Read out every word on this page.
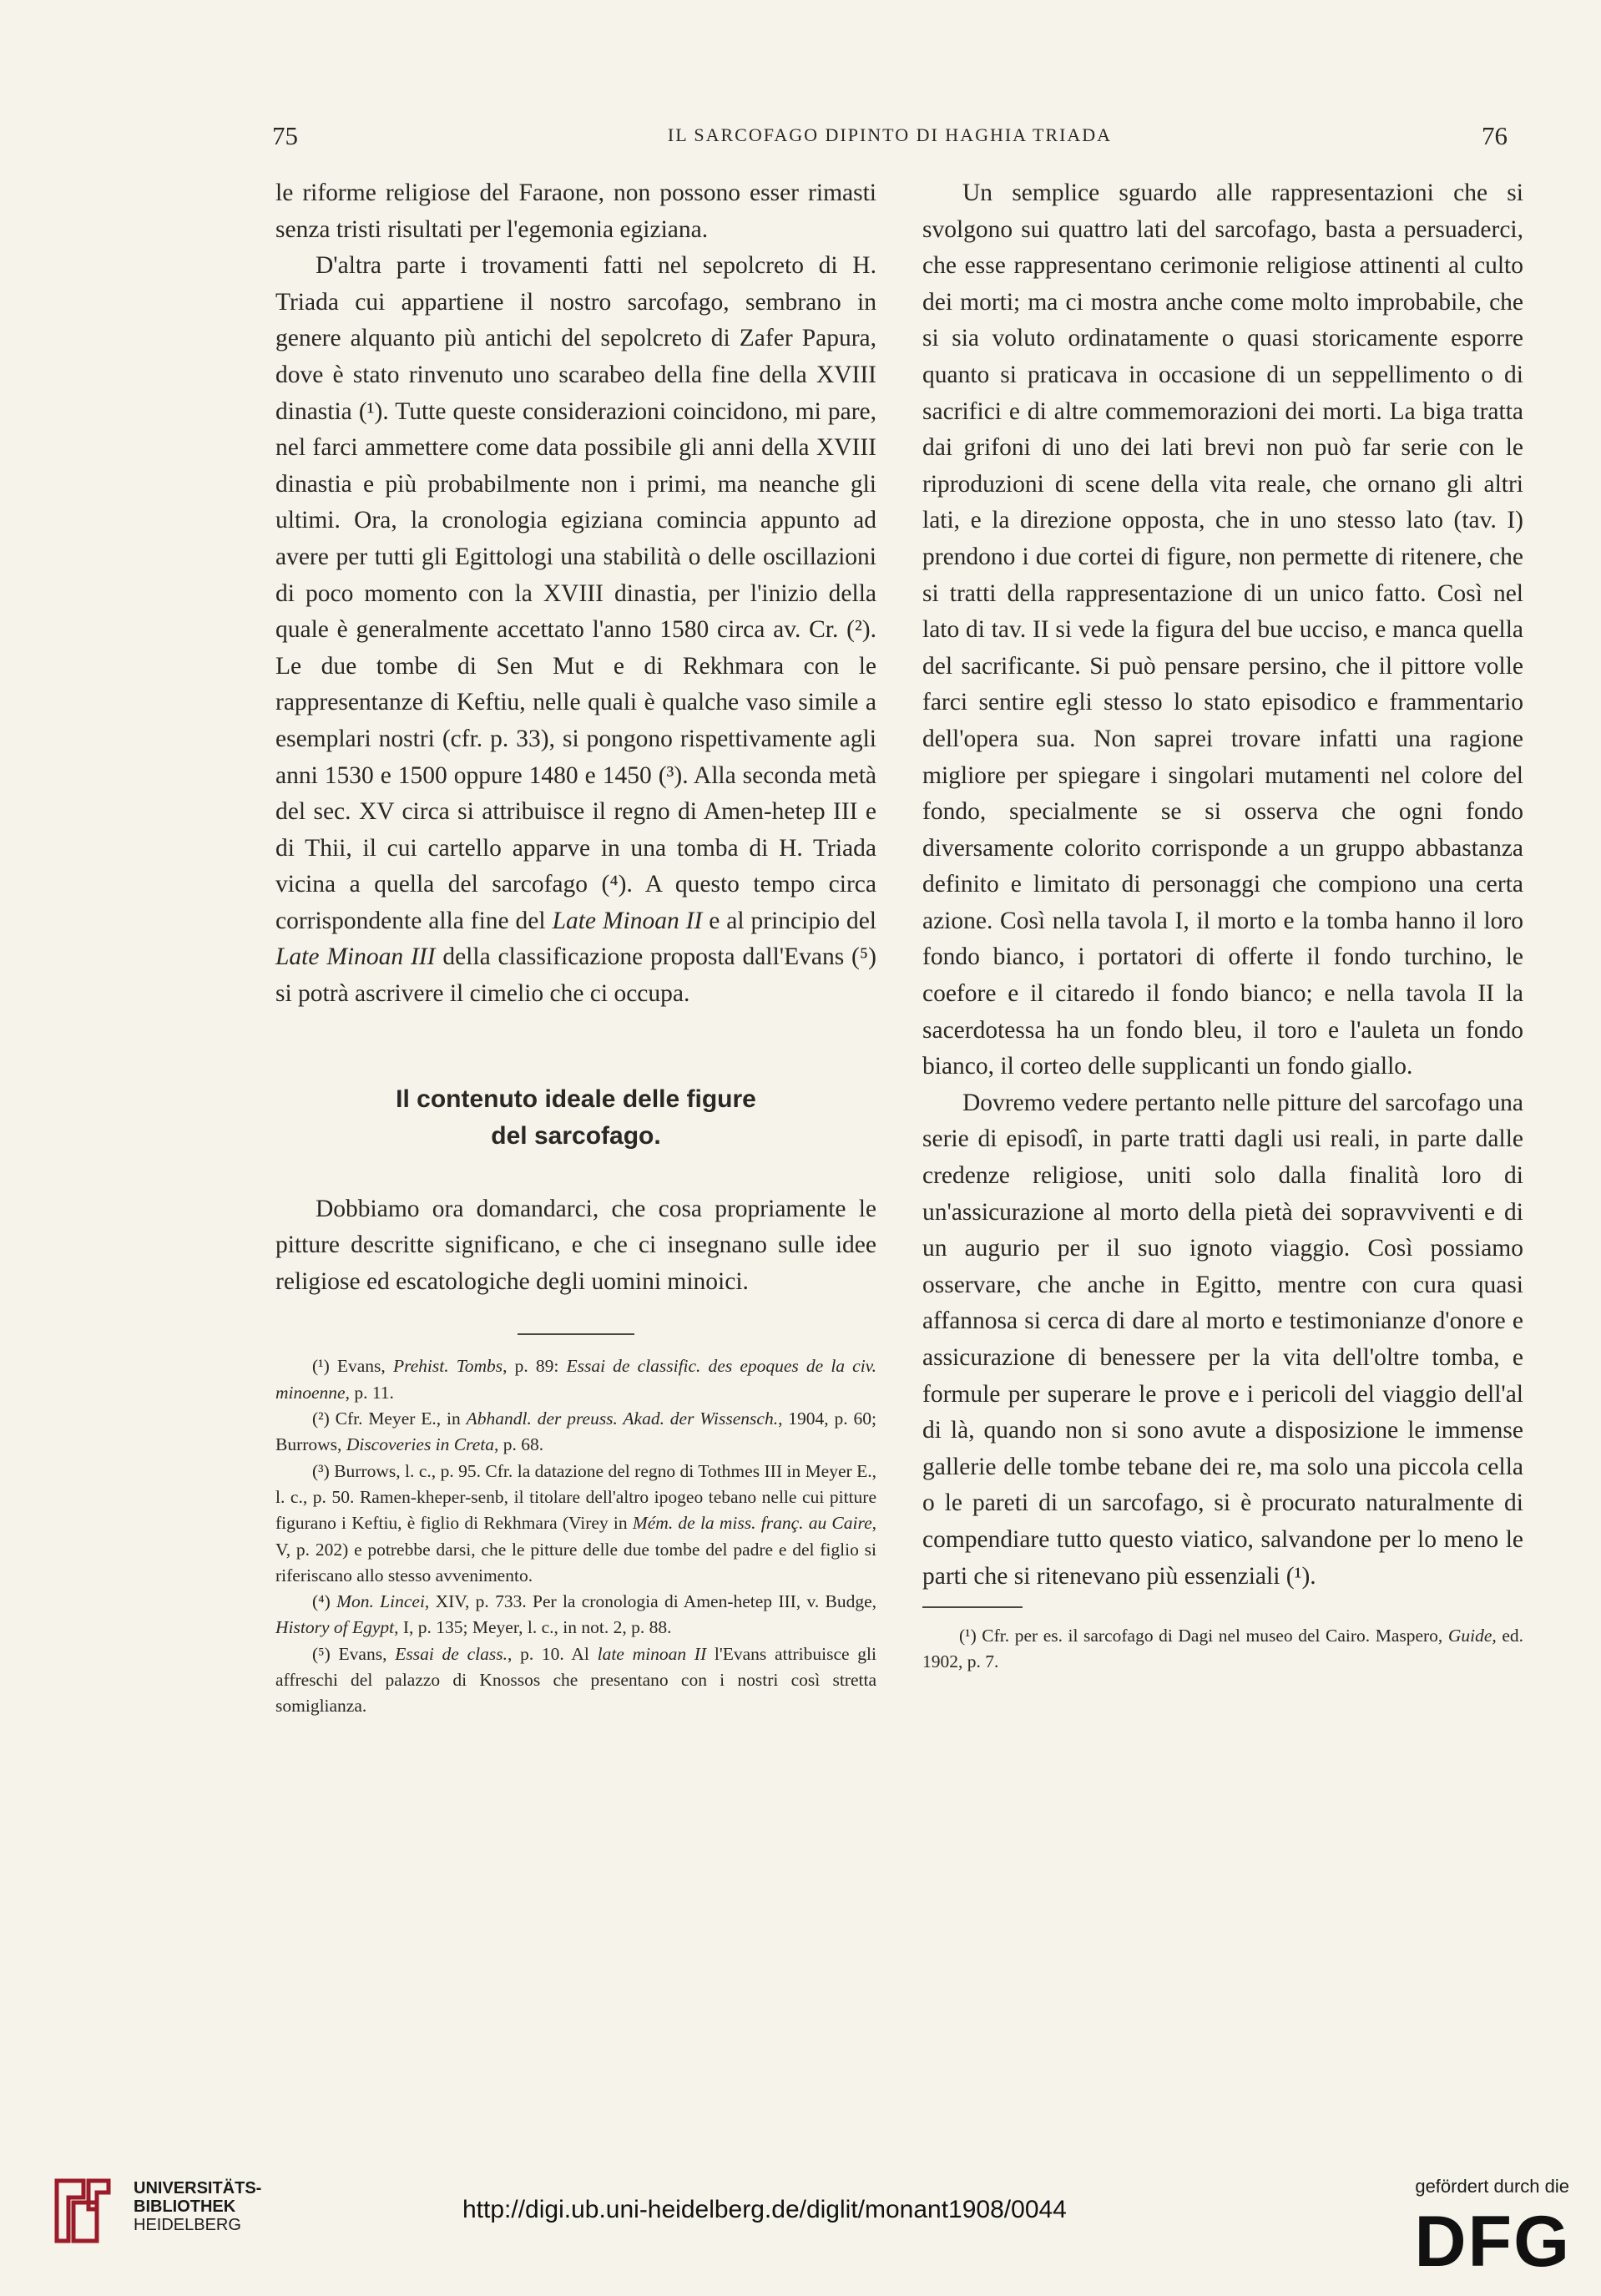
75	IL SARCOFAGO DIPINTO DI HAGHIA TRIADA	76

le riforme religiose del Faraone, non possono esser rimasti senza tristi risultati per l'egemonia egiziana.

D'altra parte i trovamenti fatti nel sepolcreto di H. Triada cui appartiene il nostro sarcofago, sembrano in genere alquanto più antichi del sepolcreto di Zafer Papura, dove è stato rinvenuto uno scarabeo della fine della XVIII dinastia (¹). Tutte queste considerazioni coincidono, mi pare, nel farci ammettere come data possibile gli anni della XVIII dinastia e più probabilmente non i primi, ma neanche gli ultimi. Ora, la cronologia egiziana comincia appunto ad avere per tutti gli Egittologi una stabilità o delle oscillazioni di poco momento con la XVIII dinastia, per l'inizio della quale è generalmente accettato l'anno 1580 circa av. Cr. (²). Le due tombe di Sen Mut e di Rekhmara con le rappresentanze di Keftiu, nelle quali è qualche vaso simile a esemplari nostri (cfr. p. 33), si pongono rispettivamente agli anni 1530 e 1500 oppure 1480 e 1450 (³). Alla seconda metà del sec. XV circa si attribuisce il regno di Amen-hetep III e di Thii, il cui cartello apparve in una tomba di H. Triada vicina a quella del sarcofago (⁴). A questo tempo circa corrispondente alla fine del Late Minoan II e al principio del Late Minoan III della classificazione proposta dall'Evans (⁵) si potrà ascrivere il cimelio che ci occupa.

Il contenuto ideale delle figure
del sarcofago.

Dobbiamo ora domandarci, che cosa propriamente le pitture descritte significano, e che ci insegnano sulle idee religiose ed escatologiche degli uomini minoici.

(¹) Evans, Prehist. Tombs, p. 89: Essai de classific. des epoques de la civ. minoenne, p. 11.

(²) Cfr. Meyer E., in Abhandl. der preuss. Akad. der Wissensch., 1904, p. 60; Burrows, Discoveries in Creta, p. 68.

(³) Burrows, l. c., p. 95. Cfr. la datazione del regno di Tothmes III in Meyer E., l. c., p. 50. Ramen-kheper-senb, il titolare dell'altro ipogeo tebano nelle cui pitture figurano i Keftiu, è figlio di Rekhmara (Virey in Mém. de la miss. franç. au Caire, V, p. 202) e potrebbe darsi, che le pitture delle due tombe del padre e del figlio si riferiscano allo stesso avvenimento.

(⁴) Mon. Lincei, XIV, p. 733. Per la cronologia di Amen-hetep III, v. Budge, History of Egypt, I, p. 135; Meyer, l. c., in not. 2, p. 88.

(⁵) Evans, Essai de class., p. 10. Al late minoan II l'Evans attribuisce gli affreschi del palazzo di Knossos che presentano con i nostri così stretta somiglianza.

Un semplice sguardo alle rappresentazioni che si svolgono sui quattro lati del sarcofago, basta a persuaderci, che esse rappresentano cerimonie religiose attinenti al culto dei morti; ma ci mostra anche come molto improbabile, che si sia voluto ordinatamente o quasi storicamente esporre quanto si praticava in occasione di un seppellimento o di sacrifici e di altre commemorazioni dei morti. La biga tratta dai grifoni di uno dei lati brevi non può far serie con le riproduzioni di scene della vita reale, che ornano gli altri lati, e la direzione opposta, che in uno stesso lato (tav. I) prendono i due cortei di figure, non permette di ritenere, che si tratti della rappresentazione di un unico fatto. Così nel lato di tav. II si vede la figura del bue ucciso, e manca quella del sacrificante. Si può pensare persino, che il pittore volle farci sentire egli stesso lo stato episodico e frammentario dell'opera sua. Non saprei trovare infatti una ragione migliore per spiegare i singolari mutamenti nel colore del fondo, specialmente se si osserva che ogni fondo diversamente colorito corrisponde a un gruppo abbastanza definito e limitato di personaggi che compiono una certa azione. Così nella tavola I, il morto e la tomba hanno il loro fondo bianco, i portatori di offerte il fondo turchino, le coefore e il citaredo il fondo bianco; e nella tavola II la sacerdotessa ha un fondo bleu, il toro e l'auleta un fondo bianco, il corteo delle supplicanti un fondo giallo.

Dovremo vedere pertanto nelle pitture del sarcofago una serie di episodî, in parte tratti dagli usi reali, in parte dalle credenze religiose, uniti solo dalla finalità loro di un'assicurazione al morto della pietà dei sopravviventi e di un augurio per il suo ignoto viaggio. Così possiamo osservare, che anche in Egitto, mentre con cura quasi affannosa si cerca di dare al morto e testimonianze d'onore e assicurazione di benessere per la vita dell'oltre tomba, e formule per superare le prove e i pericoli del viaggio dell'al di là, quando non si sono avute a disposizione le immense gallerie delle tombe tebane dei re, ma solo una piccola cella o le pareti di un sarcofago, si è procurato naturalmente di compendiare tutto questo viatico, salvandone per lo meno le parti che si ritenevano più essenziali (¹).

(¹) Cfr. per es. il sarcofago di Dagi nel museo del Cairo. Maspero, Guide, ed. 1902, p. 7.

UNIVERSITÄTS-
BIBLIOTHEK
HEIDELBERG
http://digi.ub.uni-heidelberg.de/diglit/monant1908/0044
gefördert durch die
DFG
